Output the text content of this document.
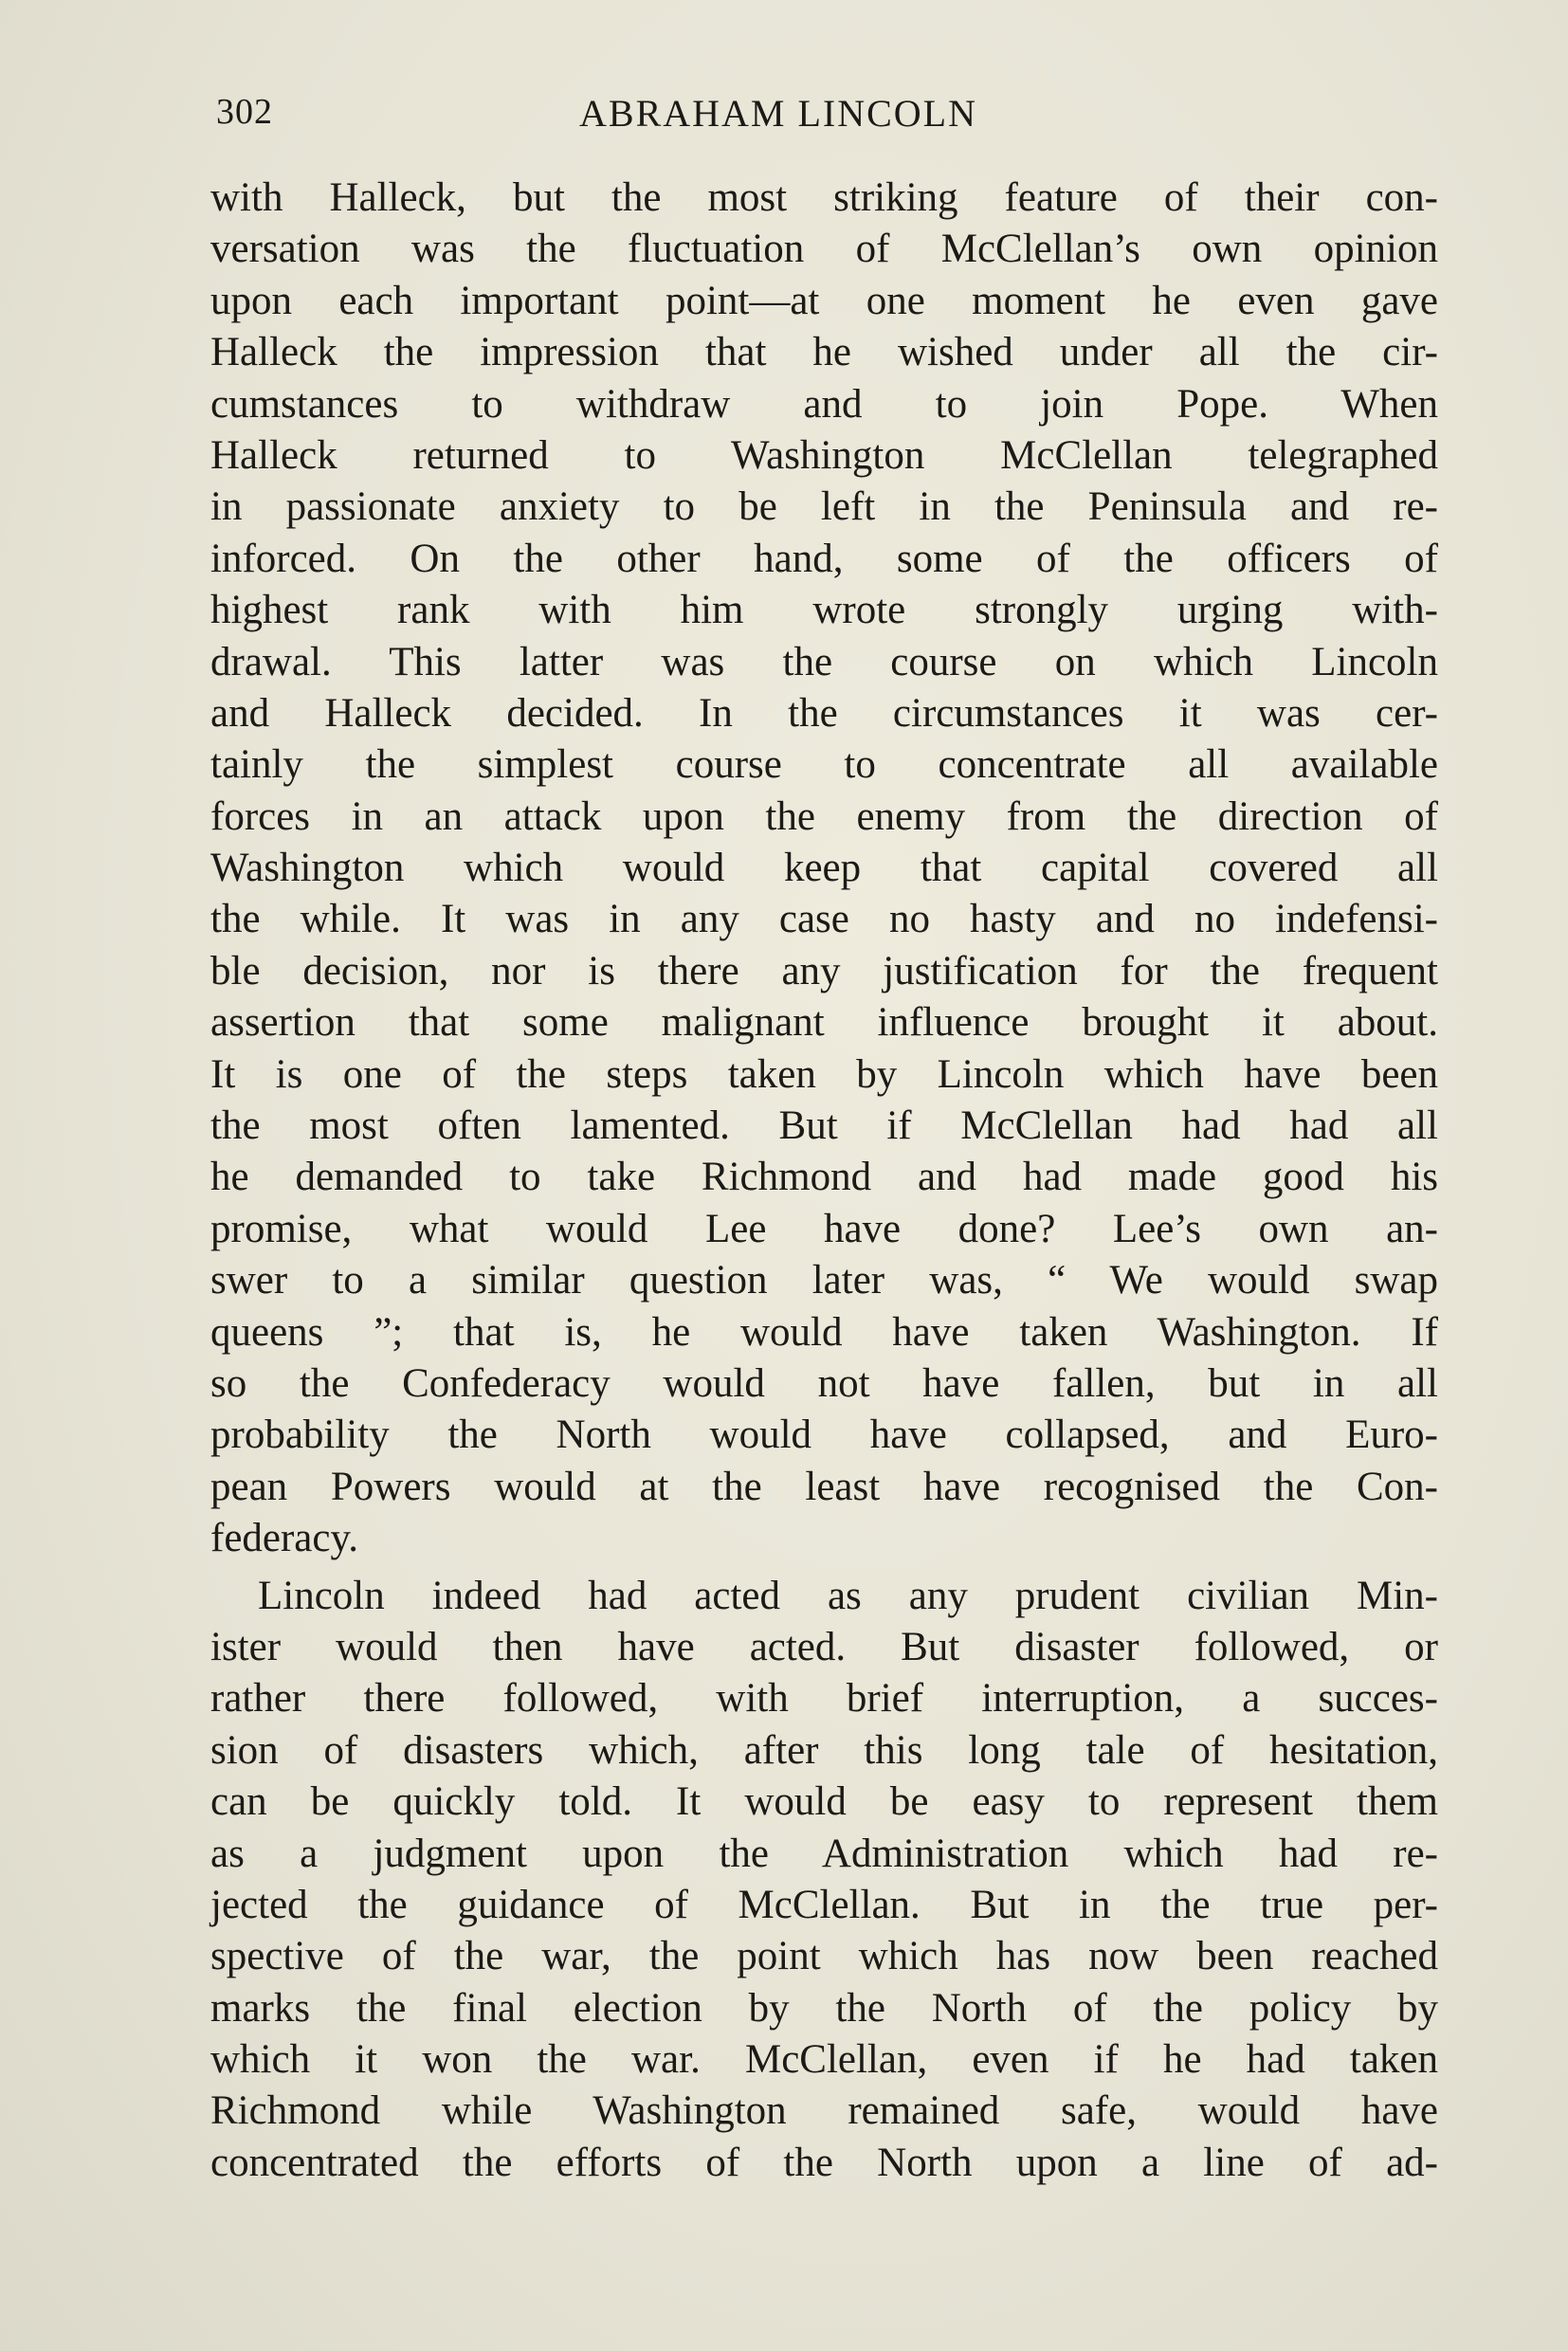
302	ABRAHAM LINCOLN
with Halleck, but the most striking feature of their con-
versation was the fluctuation of McClellan’s own opinion
upon each important point—at one moment he even gave
Halleck the impression that he wished under all the cir-
cumstances to withdraw and to join Pope. When
Halleck returned to Washington McClellan telegraphed
in passionate anxiety to be left in the Peninsula and re-
inforced. On the other hand, some of the officers of
highest rank with him wrote strongly urging with-
drawal. This latter was the course on which Lincoln
and Halleck decided. In the circumstances it was cer-
tainly the simplest course to concentrate all available
forces in an attack upon the enemy from the direction of
Washington which would keep that capital covered all
the while. It was in any case no hasty and no indefensi-
ble decision, nor is there any justification for the frequent
assertion that some malignant influence brought it about.
It is one of the steps taken by Lincoln which have been
the most often lamented. But if McClellan had had all
he demanded to take Richmond and had made good his
promise, what would Lee have done? Lee’s own an-
swer to a similar question later was, “ We would swap
queens ”; that is, he would have taken Washington. If
so the Confederacy would not have fallen, but in all
probability the North would have collapsed, and Euro-
pean Powers would at the least have recognised the Con-
federacy.
Lincoln indeed had acted as any prudent civilian Min-
ister would then have acted. But disaster followed, or
rather there followed, with brief interruption, a succes-
sion of disasters which, after this long tale of hesitation,
can be quickly told. It would be easy to represent them
as a judgment upon the Administration which had re-
jected the guidance of McClellan. But in the true per-
spective of the war, the point which has now been reached
marks the final election by the North of the policy by
which it won the war. McClellan, even if he had taken
Richmond while Washington remained safe, would have
concentrated the efforts of the North upon a line of ad-
